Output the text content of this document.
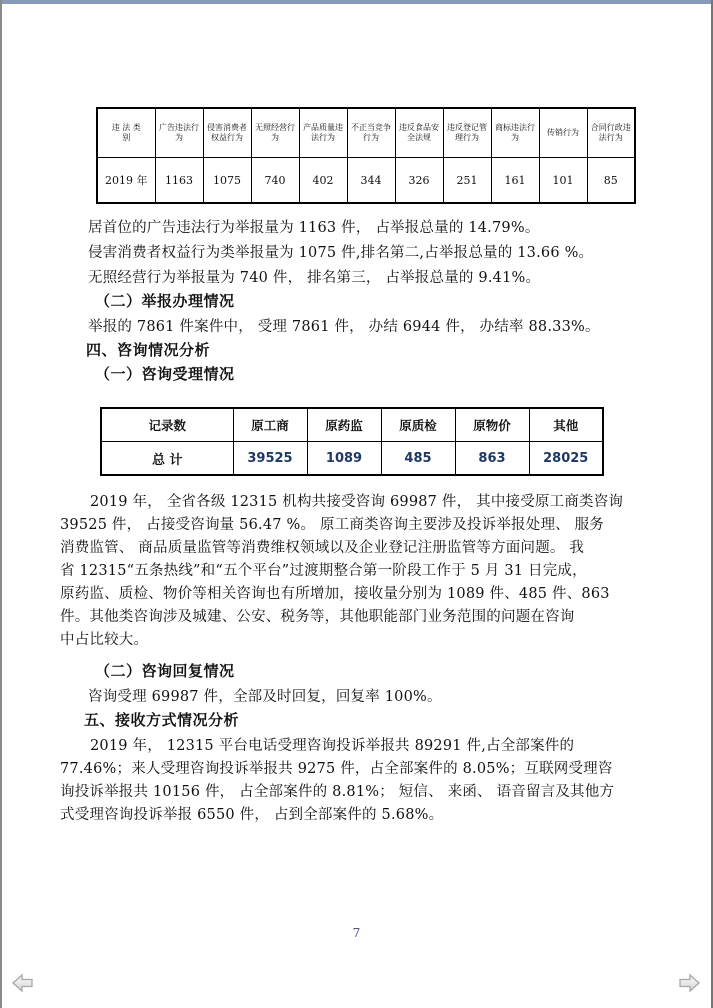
违 法 类 别	广告违法行为	侵害消费者权益行为	无照经营行为	产品质量违法行为	不正当竞争行为	违反食品安全法规	违反登记管理行为	商标违法行为	传销行为	合同行政违法行为
2019 年	1163	1075	740	402	344	326	251	161	101	85
居首位的广告违法行为举报量为 1163 件， 占举报总量的 14.79%。
侵害消费者权益行为类举报量为 1075 件,排名第二,占举报总量的 13.66 %。
无照经营行为举报量为 740 件， 排名第三， 占举报总量的 9.41%。
（二）举报办理情况
举报的 7861 件案件中， 受理 7861 件， 办结 6944 件， 办结率 88.33%。
四、咨询情况分析
（一）咨询受理情况
记录数	原工商	原药监	原质检	原物价	其他
总 计	39525	1089	485	863	28025
2019 年， 全省各级 12315 机构共接受咨询 69987 件， 其中接受原工商类咨询
39525 件， 占接受咨询量 56.47 %。 原工商类咨询主要涉及投诉举报处理、 服务
消费监管、 商品质量监管等消费维权领域以及企业登记注册监管等方面问题。 我
省 12315“五条热线”和“五个平台”过渡期整合第一阶段工作于 5 月 31 日完成，
原药监、质检、物价等相关咨询也有所增加，接收量分别为 1089 件、485 件、863
件。其他类咨询涉及城建、公安、税务等，其他职能部门业务范围的问题在咨询
中占比较大。
（二）咨询回复情况
咨询受理 69987 件，全部及时回复，回复率 100%。
五、接收方式情况分析
2019 年， 12315 平台电话受理咨询投诉举报共 89291 件,占全部案件的
77.46%；来人受理咨询投诉举报共 9275 件，占全部案件的 8.05%；互联网受理咨
询投诉举报共 10156 件， 占全部案件的 8.81%； 短信、 来函、 语音留言及其他方
式受理咨询投诉举报 6550 件， 占到全部案件的 5.68%。
7
